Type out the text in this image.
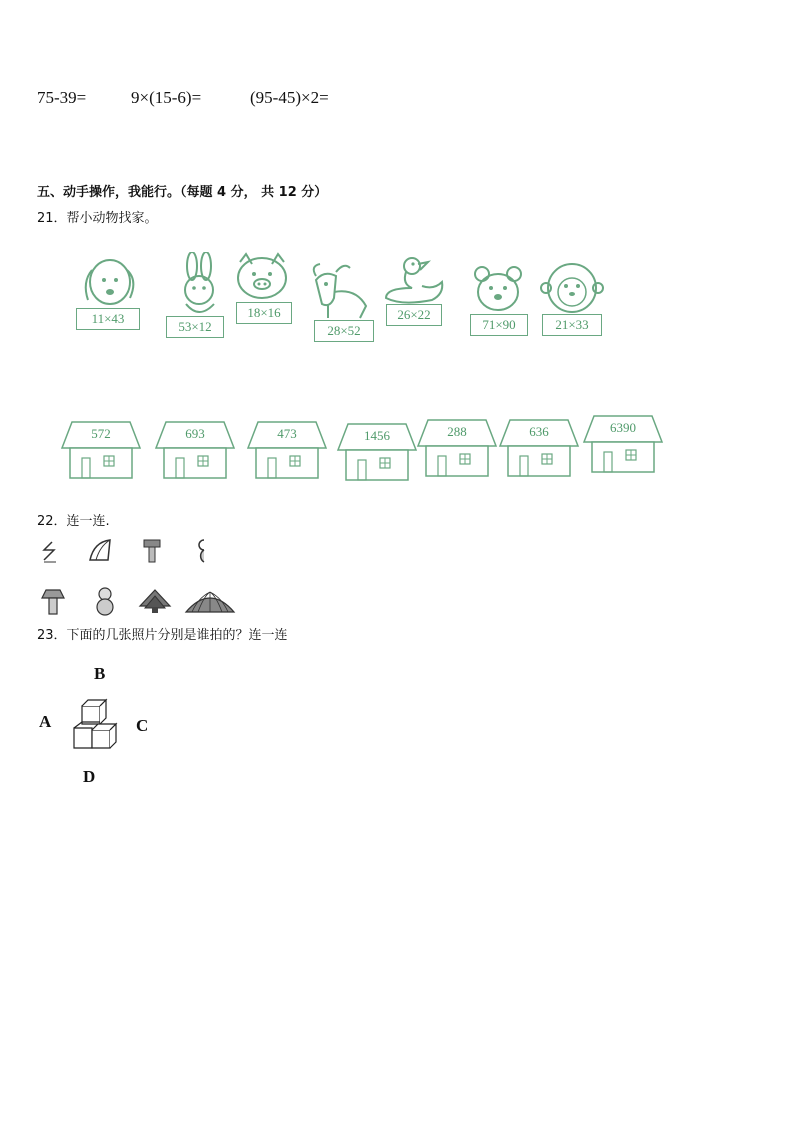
75-39=	9×(15-6)=	(95-45)×2=
五、动手操作，我能行。（每题 4 分， 共 12 分）
21．帮小动物找家。
11×43
53×12
18×16
28×52
26×22
71×90	21×33
572	693	473	1456	288	636	6390
22．连一连.
23．下面的几张照片分别是谁拍的？连一连
B
A	C
D
